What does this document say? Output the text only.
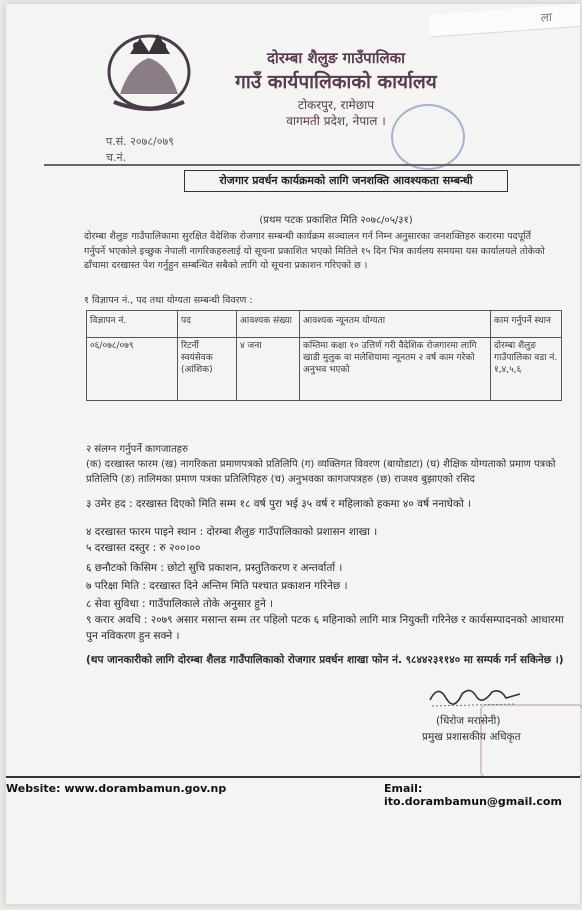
ला
दोरम्बा शैलुङ गाउँपालिका
गाउँ कार्यपालिकाको कार्यालय
टोकरपुर, रामेछाप
वागमती प्रदेश, नेपाल ।
प.सं. २०७८/०७९
च.नं.
रोजगार प्रवर्धन कार्यक्रमको लागि जनशक्ति आवश्यकता सम्बन्धी
(प्रथम पटक प्रकाशित मिति २०७८/०५/३१)
दोरम्बा शैलुङ गाउँपालिकामा सुरक्षित वैदेशिक रोजगार सम्बन्धी कार्यक्रम सञ्चालन गर्न निम्न अनुसारका जनशक्तिहरु करारमा पदपूर्ति गर्नुपर्ने भएकोले इच्छुक नेपाली नागरिकहरुलाई यो सूचना प्रकाशित भएको मितिले १५ दिन भित्र कार्यलय समयमा यस कार्यालयले तोकेको ढाँचामा दरखास्त पेश गर्नुहुन सम्बन्धित सबैको लागि यो सूचना प्रकाशन गरिएको छ ।
१ विज्ञापन नं., पद तथा योग्यता सम्बन्धी विवरण :
विज्ञापन नं.	पद	आवश्यक संख्या	आवश्यक न्यूनतम योग्यता	काम गर्नुपर्ने स्थान
०६/०७८/०७९	रिटर्नी स्वयंसेवक (आंशिक)	४ जना	कम्तिमा कक्षा १० उत्तिर्ण गरी वैदेशिक रोजगारमा लागि खाडी मुलुक वा मलेशियामा न्यूनतम २ वर्ष काम गरेको अनुभव भएको	दोरम्बा शैलुङ गाउँपालिका वडा नं. १,४,५,६
२ संलग्न गर्नुपर्ने कागजातहरु
(क) दरखास्त फारम (ख) नागरिकता प्रमाणपत्रको प्रतिलिपि (ग) व्यक्तिगत विवरण (बायोडाटा) (घ) शैक्षिक योग्यताको प्रमाण पत्रको प्रतिलिपि (ङ) तालिमका प्रमाण पत्रका प्रतिलिपिहरु (च) अनुभवका कागजपत्रहरु (छ) राजश्व बुझाएको रसिद
३ उमेर हद : दरखास्त दिएको मिति सम्म १८ वर्ष पुरा भई ३५ वर्ष र महिलाको हकमा ४० वर्ष ननाघेको ।
४ दरखास्त फारम पाइने स्थान : दोरम्बा शैलुङ गाउँपालिकाको प्रशासन शाखा ।
५ दरखास्त दस्तुर : रु २००।००
६ छनौटको किसिम : छोटो सुचि प्रकाशन, प्रस्तुतिकरण र अन्तर्वार्ता ।
७ परिक्षा मिति : दरखास्त दिने अन्तिम मिति पश्चात प्रकाशन गरिनेछ ।
८ सेवा सुविधा : गाउँपालिकाले तोके अनुसार हुने ।
९ करार अवधि : २०७९ असार मसान्त सम्म तर पहिलो पटक ६ महिनाको लागि मात्र नियुक्ती गरिनेछ र कार्यसम्पादनको आधारमा पुन नविकरण हुन सक्ने ।
(थप जानकारीको लागि दोरम्बा शैलड गाउँपालिकाको रोजगार प्रवर्धन शाखा फोन नं. ९८४४२३११४० मा सम्पर्क गर्न सकिनेछ ।)
(धिरोज मरासेनी)
प्रमुख प्रशासकीय अधिकृत
Website: www.dorambamun.gov.np	Email: ito.dorambamun@gmail.com
